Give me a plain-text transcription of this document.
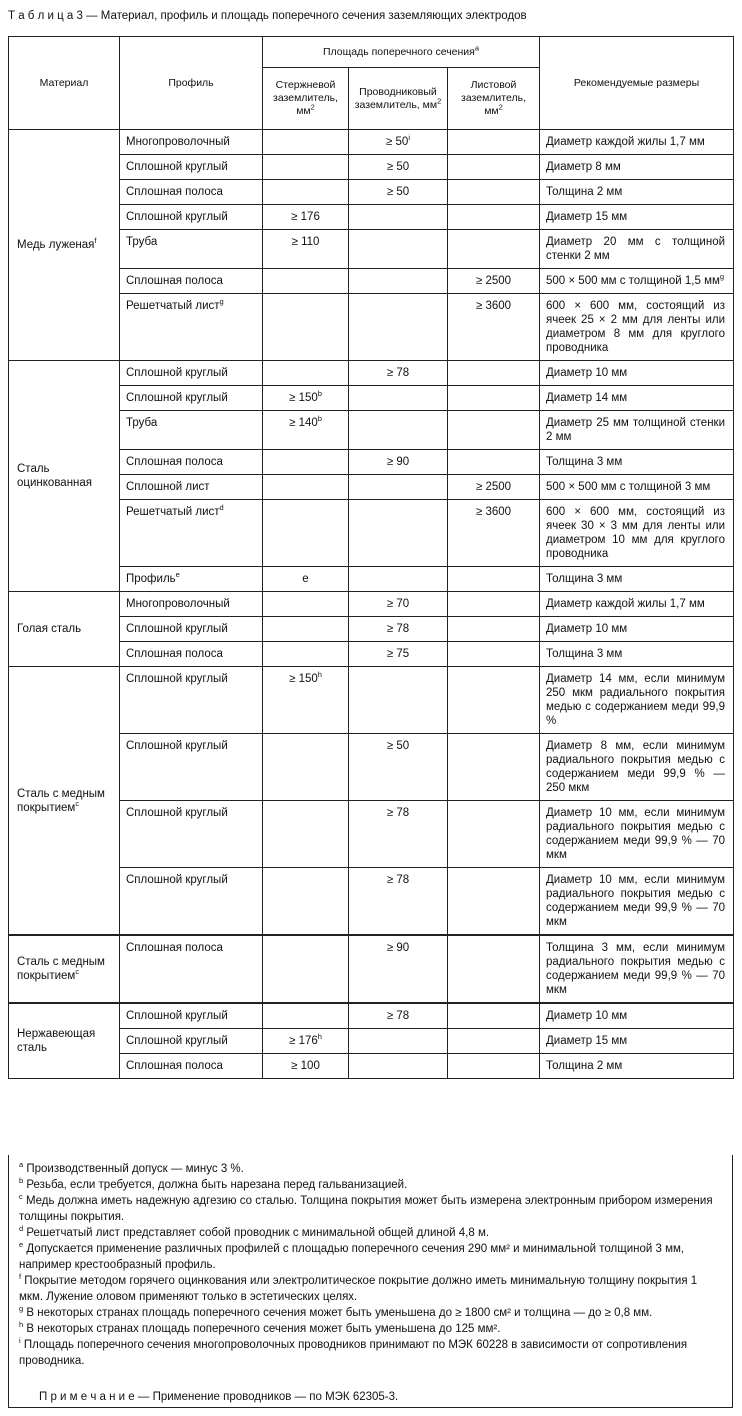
Т а б л и ц а 3 — Материал, профиль и площадь поперечного сечения заземляющих электродов
Материал	Профиль	Площадь поперечного сечения$^a$			Рекомендуемые размеры
		Стержневой заземлитель, $мм^2$	Проводниковый заземлитель, $мм^2$	Листовой заземлитель, $мм^2$
Медь луженая$^f$	Многопроволочный		≥ $50^i$		Диаметр каждой жилы 1,7 мм
	Сплошной круглый		≥ 50		Диаметр 8 мм
	Сплошная полоса		≥ 50		Толщина 2 мм
	Сплошной круглый	≥ 176			Диаметр 15 мм
	Труба	≥ 110			Диаметр 20 мм с толщиной стенки 2 мм
	Сплошная полоса			≥ 2500	500 × 500 мм с толщиной 1,5 $мм^g$
	Решетчатый лист$^g$			≥ 3600	600 × 600 мм, состоящий из ячеек 25 × 2 мм для ленты или диаметром 8 мм для круглого проводника
Сталь оцинкованная	Сплошной круглый		≥ 78		Диаметр 10 мм
	Сплошной круглый	≥ $150^b$			Диаметр 14 мм
	Труба	≥ $140^b$			Диаметр 25 мм толщиной стенки 2 мм
	Сплошная полоса		≥ 90		Толщина 3 мм
	Сплошной лист			≥ 2500	500 × 500 мм с толщиной 3 мм
	Решетчатый лист$^d$			≥ 3600	600 × 600 мм, состоящий из ячеек 30 × 3 мм для ленты или диаметром 10 мм для круглого проводника
	Профиль$^e$	e			Толщина 3 мм
Голая сталь	Многопроволочный		≥ 70		Диаметр каждой жилы 1,7 мм
	Сплошной круглый		≥ 78		Диаметр 10 мм
	Сплошная полоса		≥ 75		Толщина 3 мм
Сталь с медным покрытием$^c$	Сплошной круглый	≥ $150^h$			Диаметр 14 мм, если минимум 250 мкм радиального покрытия медью с содержанием меди 99,9 %
	Сплошной круглый		≥ 50		Диаметр 8 мм, если минимум радиального покрытия медью с содержанием меди 99,9 % — 250 мкм
	Сплошной круглый		≥ 78		Диаметр 10 мм, если минимум радиального покрытия медью с содержанием меди 99,9 % — 70 мкм
	Сплошной круглый		≥ 78		Диаметр 10 мм, если минимум радиального покрытия медью с содержанием меди 99,9 % — 70 мкм
Сталь с медным покрытием$^c$	Сплошная полоса		≥ 90		Толщина 3 мм, если минимум радиального покрытия медью с содержанием меди 99,9 % — 70 мкм
Нержавеющая сталь	Сплошной круглый		≥ 78		Диаметр 10 мм
	Сплошной круглый	≥ $176^h$			Диаметр 15 мм
	Сплошная полоса	≥ 100			Толщина 2 мм
$^a$ Производственный допуск — минус 3 %.
$^b$ Резьба, если требуется, должна быть нарезана перед гальванизацией.
$^c$ Медь должна иметь надежную адгезию со сталью. Толщина покрытия может быть измерена электронным прибором измерения толщины покрытия.
$^d$ Решетчатый лист представляет собой проводник с минимальной общей длиной 4,8 м.
$^e$ Допускается применение различных профилей с площадью поперечного сечения 290 мм² и минимальной толщиной 3 мм, например крестообразный профиль.
$^f$ Покрытие методом горячего оцинкования или электролитическое покрытие должно иметь минимальную толщину покрытия 1 мкм. Лужение оловом применяют только в эстетических целях.
$^g$ В некоторых странах площадь поперечного сечения может быть уменьшена до ≥ 1800 см² и толщина — до ≥ 0,8 мм.
$^h$ В некоторых странах площадь поперечного сечения может быть уменьшена до 125 мм².
$^i$ Площадь поперечного сечения многопроволочных проводников принимают по МЭК 60228 в зависимости от сопротивления проводника.
П р и м е ч а н и е — Применение проводников — по МЭК 62305-3.
